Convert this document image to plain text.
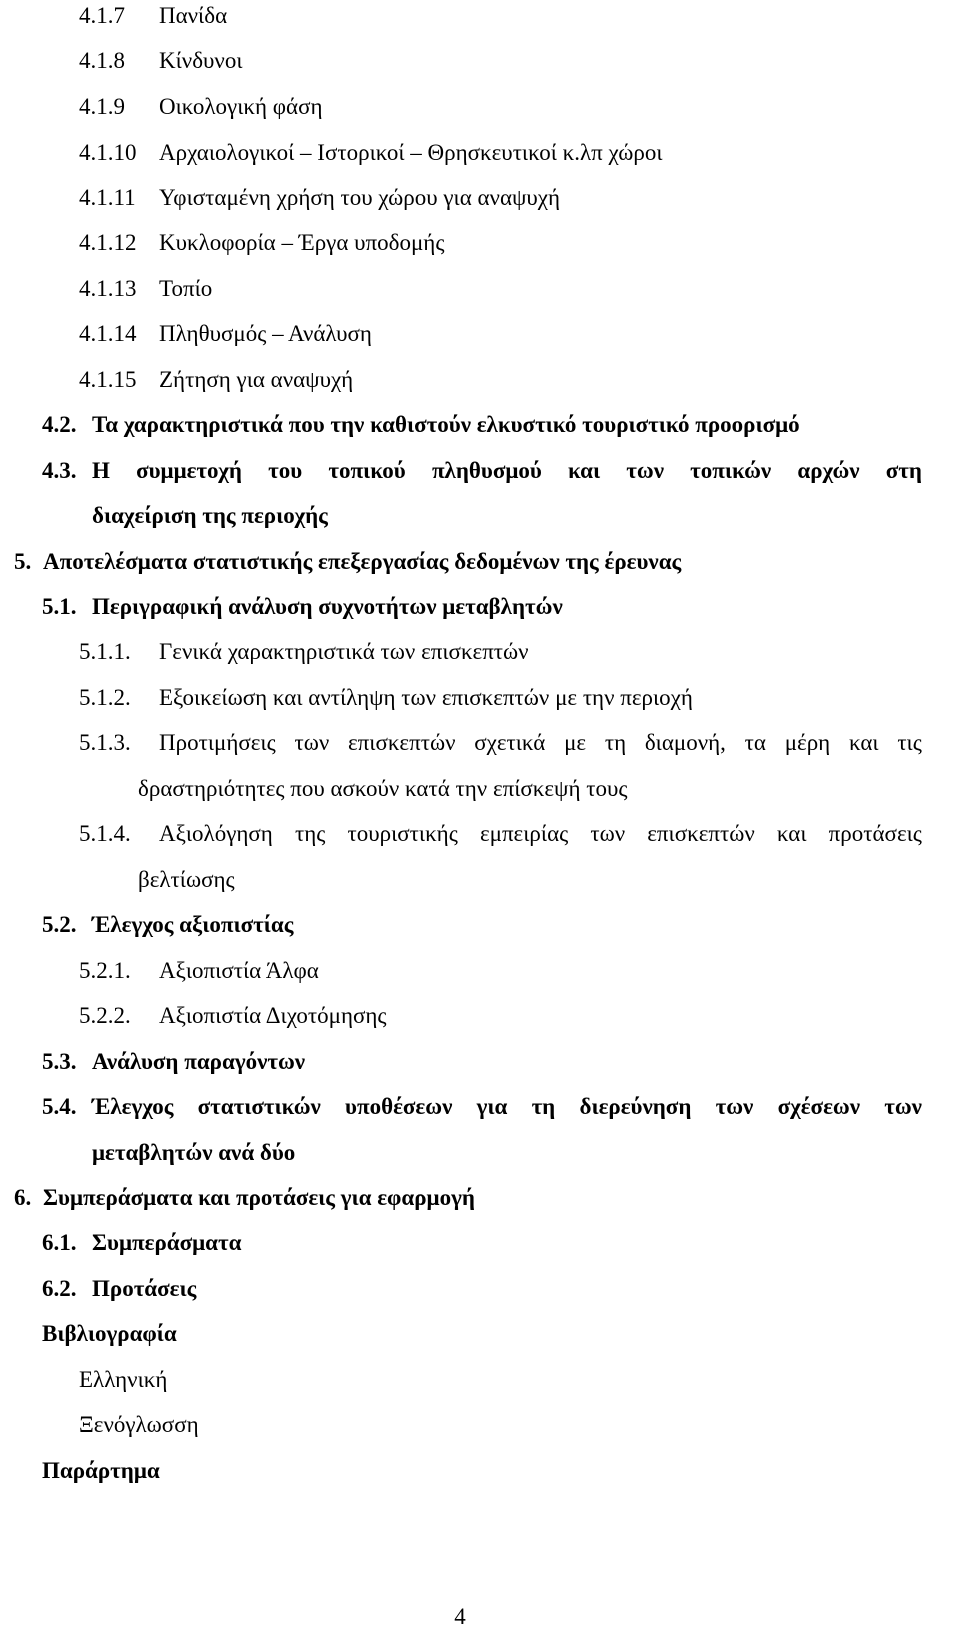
4.1.7 Πανίδα
4.1.8 Κίνδυνοι
4.1.9 Οικολογική φάση
4.1.10 Αρχαιολογικοί – Ιστορικοί – Θρησκευτικοί κ.λπ χώροι
4.1.11 Υφισταμένη χρήση του χώρου για αναψυχή
4.1.12 Κυκλοφορία – Έργα υποδομής
4.1.13 Τοπίο
4.1.14 Πληθυσμός – Ανάλυση
4.1.15 Ζήτηση για αναψυχή
4.2. Τα χαρακτηριστικά που την καθιστούν ελκυστικό τουριστικό προορισμό
4.3. Η συμμετοχή του τοπικού πληθυσμού και των τοπικών αρχών στη
διαχείριση της περιοχής
5. Αποτελέσματα στατιστικής επεξεργασίας δεδομένων της έρευνας
5.1. Περιγραφική ανάλυση συχνοτήτων μεταβλητών
5.1.1. Γενικά χαρακτηριστικά των επισκεπτών
5.1.2. Εξοικείωση και αντίληψη των επισκεπτών με την περιοχή
5.1.3. Προτιμήσεις των επισκεπτών σχετικά με τη διαμονή, τα μέρη και τις
δραστηριότητες που ασκούν κατά την επίσκεψή τους
5.1.4. Αξιολόγηση της τουριστικής εμπειρίας των επισκεπτών και προτάσεις
βελτίωσης
5.2. Έλεγχος αξιοπιστίας
5.2.1. Αξιοπιστία Άλφα
5.2.2. Αξιοπιστία Διχοτόμησης
5.3. Ανάλυση παραγόντων
5.4. Έλεγχος στατιστικών υποθέσεων για τη διερεύνηση των σχέσεων των
μεταβλητών ανά δύο
6. Συμπεράσματα και προτάσεις για εφαρμογή
6.1. Συμπεράσματα
6.2. Προτάσεις
Βιβλιογραφία
Ελληνική
Ξενόγλωσση
Παράρτημα
4
